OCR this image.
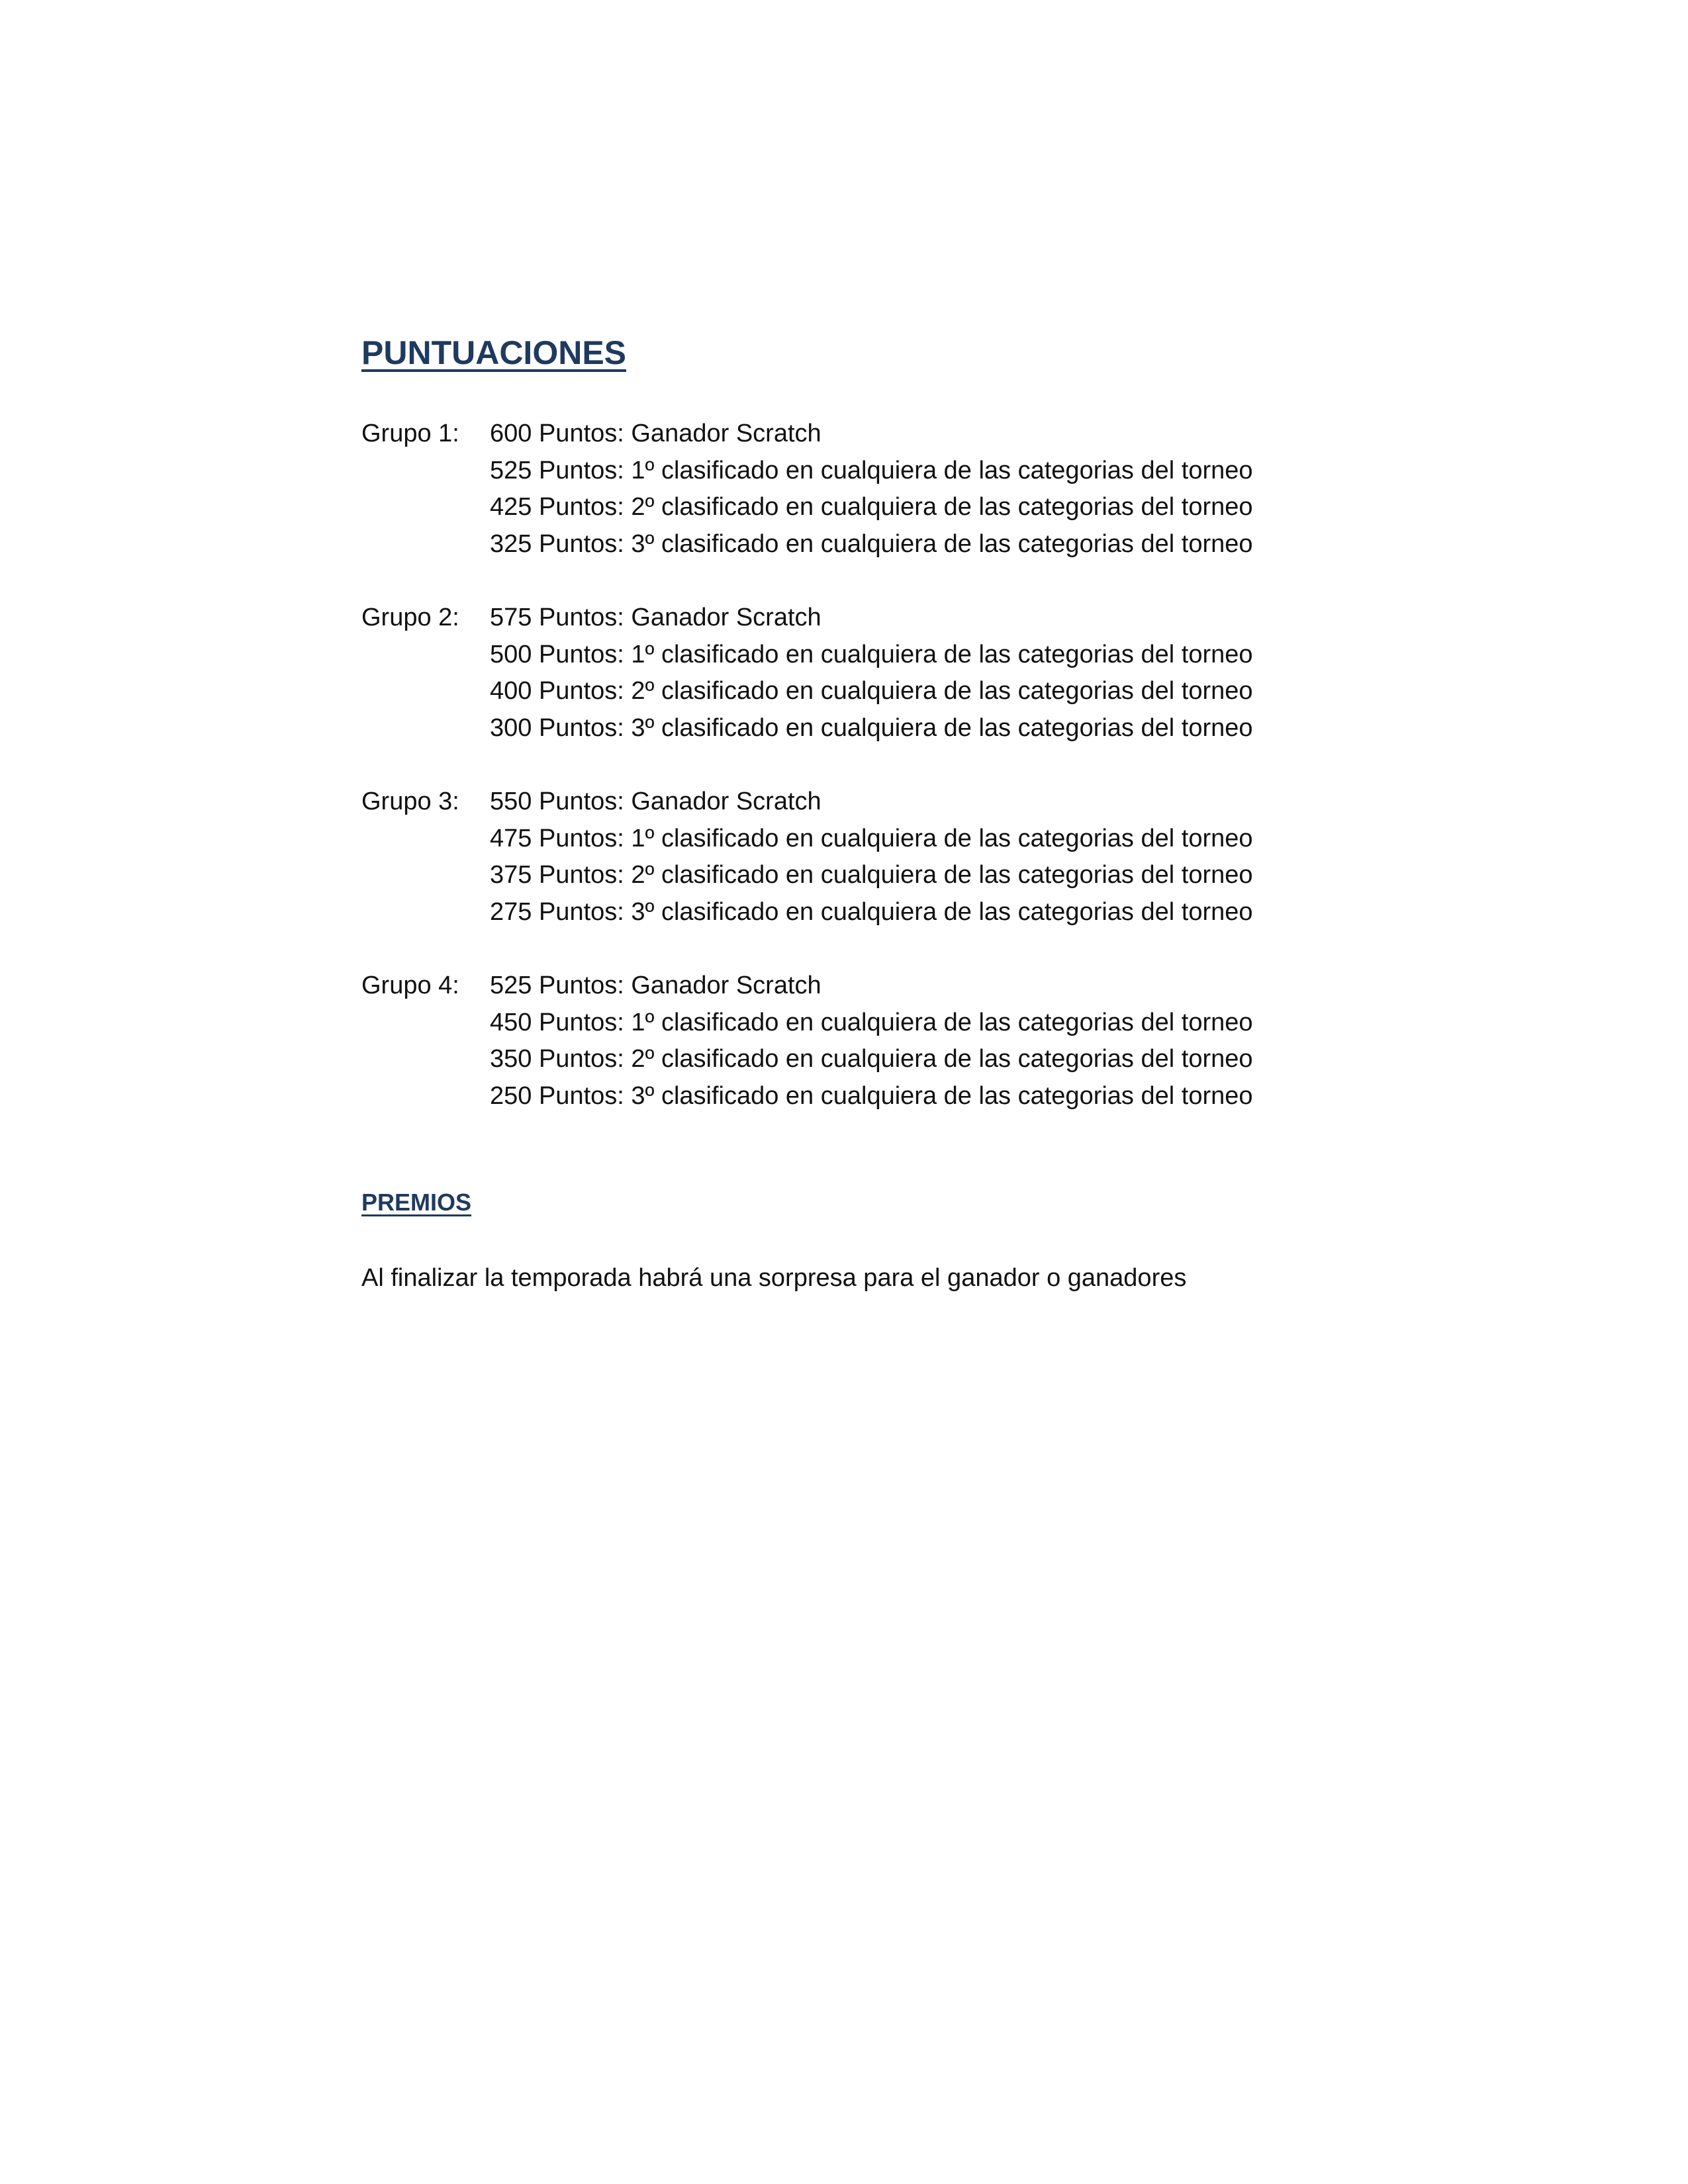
PUNTUACIONES
Grupo 1: 600 Puntos: Ganador Scratch
525 Puntos: 1º clasificado en cualquiera de las categorias del torneo
425 Puntos: 2º clasificado en cualquiera de las categorias del torneo
325 Puntos: 3º clasificado en cualquiera de las categorias del torneo
Grupo 2: 575 Puntos: Ganador Scratch
500 Puntos: 1º clasificado en cualquiera de las categorias del torneo
400 Puntos: 2º clasificado en cualquiera de las categorias del torneo
300 Puntos: 3º clasificado en cualquiera de las categorias del torneo
Grupo 3: 550 Puntos: Ganador Scratch
475 Puntos: 1º clasificado en cualquiera de las categorias del torneo
375 Puntos: 2º clasificado en cualquiera de las categorias del torneo
275 Puntos: 3º clasificado en cualquiera de las categorias del torneo
Grupo 4: 525 Puntos: Ganador Scratch
450 Puntos: 1º clasificado en cualquiera de las categorias del torneo
350 Puntos: 2º clasificado en cualquiera de las categorias del torneo
250 Puntos: 3º clasificado en cualquiera de las categorias del torneo
PREMIOS

Al finalizar la temporada habrá una sorpresa para el ganador o ganadores
